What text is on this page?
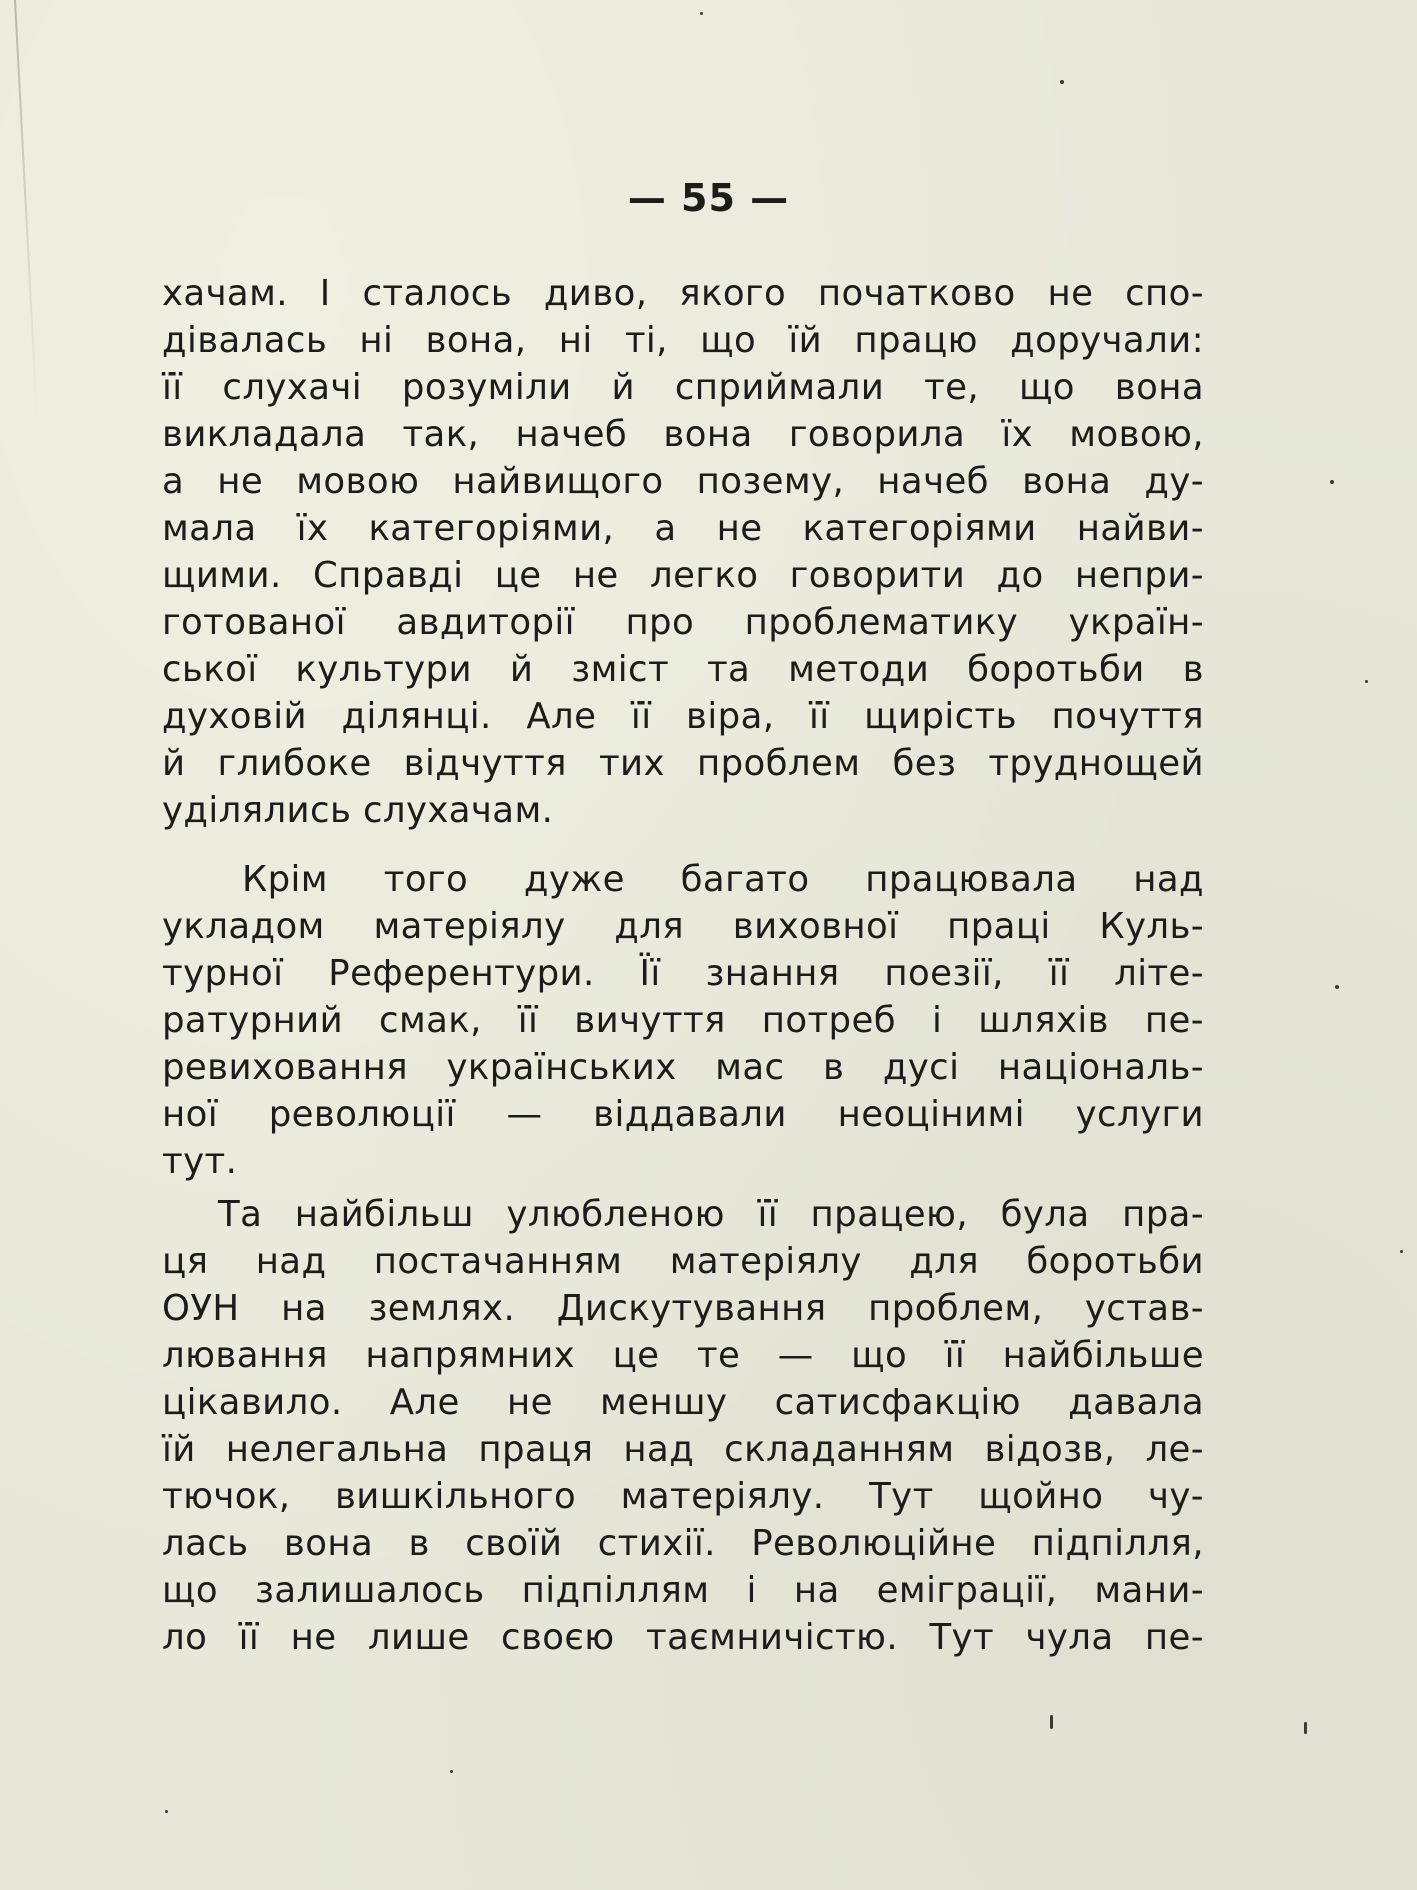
— 55 —
хачам. І сталось диво, якого початково не спо-
дівалась ні вона, ні ті, що їй працю доручали:
її слухачі розуміли й сприймали те, що вона
викладала так, начеб вона говорила їх мовою,
а не мовою найвищого позему, начеб вона ду-
мала їх категоріями, а не категоріями найви-
щими. Справді це не легко говорити до непри-
готованої авдиторії про проблематику україн-
ської культури й зміст та методи боротьби в
духовій ділянці. Але її віра, її щирість почуття
й глибоке відчуття тих проблем без труднощей
уділялись слухачам.
Крім того дуже багато працювала над
укладом матеріялу для виховної праці Куль-
турної Референтури. Її знання поезії, її літе-
ратурний смак, її вичуття потреб і шляхів пе-
ревиховання українських мас в дусі національ-
ної революції — віддавали неоцінимі услуги
тут.
Та найбільш улюбленою її працею, була пра-
ця над постачанням матеріялу для боротьби
ОУН на землях. Дискутування проблем, устав-
лювання напрямних це те — що її найбільше
цікавило. Але не меншу сатисфакцію давала
їй нелегальна праця над складанням відозв, ле-
тючок, вишкільного матеріялу. Тут щойно чу-
лась вона в своїй стихії. Революційне підпілля,
що залишалось підпіллям і на еміграції, мани-
ло її не лише своєю таємничістю. Тут чула пе-
